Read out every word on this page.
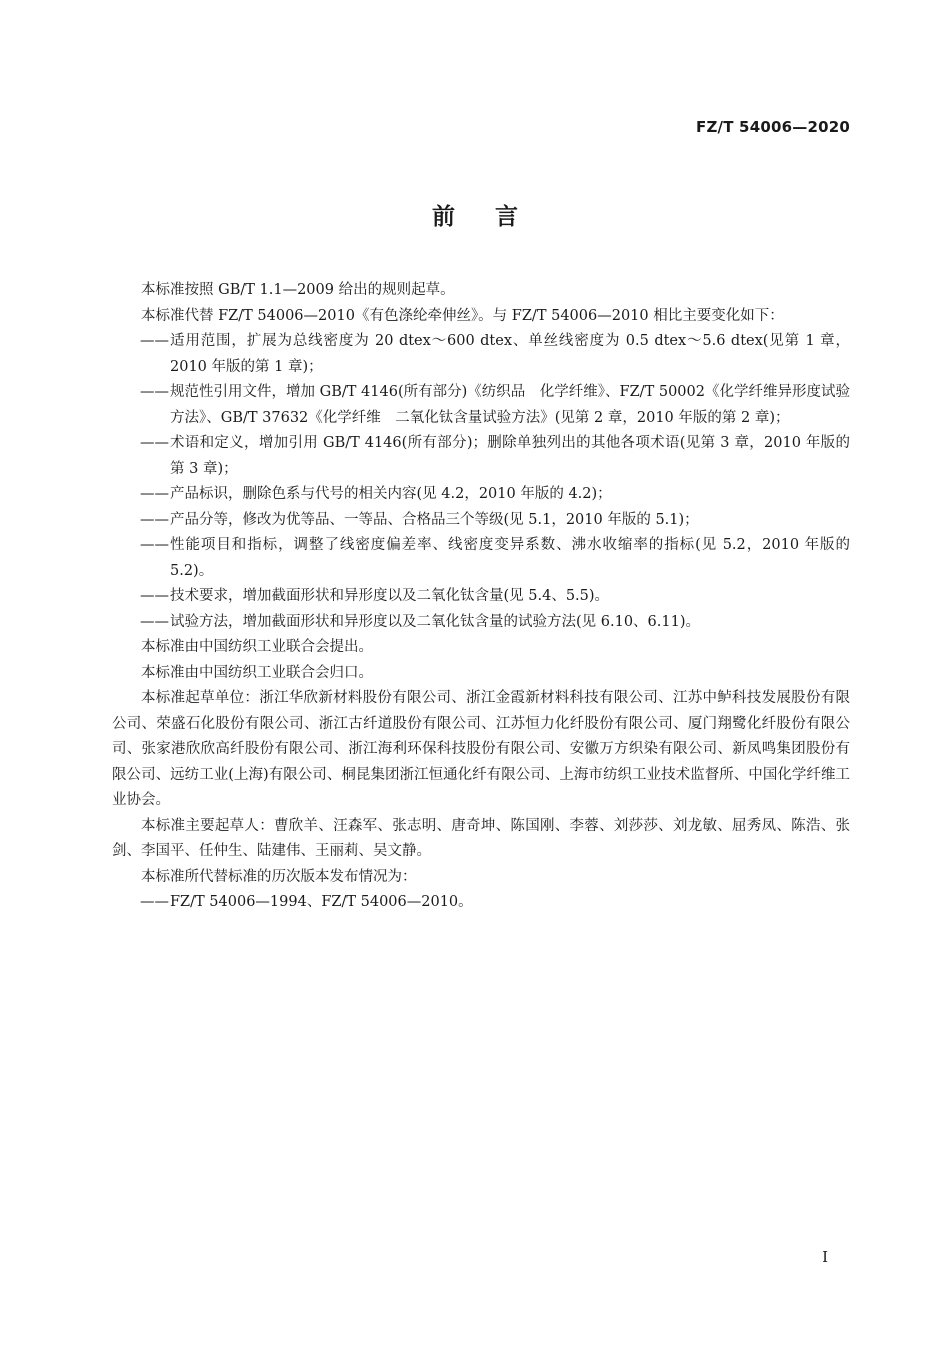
FZ/T 54006—2020
前言

本标准按照 GB/T 1.1—2009 给出的规则起草。

本标准代替 FZ/T 54006—2010《有色涤纶牵伸丝》。与 FZ/T 54006—2010 相比主要变化如下：

—— 适用范围，扩展为总线密度为 20 dtex～600 dtex、单丝线密度为 0.5 dtex～5.6 dtex(见第 1 章，2010 年版的第 1 章)；

—— 规范性引用文件，增加 GB/T 4146(所有部分)《纺织品　化学纤维》、FZ/T 50002《化学纤维异形度试验方法》、GB/T 37632《化学纤维　二氧化钛含量试验方法》(见第 2 章，2010 年版的第 2 章)；

—— 术语和定义，增加引用 GB/T 4146(所有部分)；删除单独列出的其他各项术语(见第 3 章，2010 年版的第 3 章)；

—— 产品标识，删除色系与代号的相关内容(见 4.2，2010 年版的 4.2)；

—— 产品分等，修改为优等品、一等品、合格品三个等级(见 5.1，2010 年版的 5.1)；

—— 性能项目和指标，调整了线密度偏差率、线密度变异系数、沸水收缩率的指标(见 5.2，2010 年版的 5.2)。

—— 技术要求，增加截面形状和异形度以及二氧化钛含量(见 5.4、5.5)。

—— 试验方法，增加截面形状和异形度以及二氧化钛含量的试验方法(见 6.10、6.11)。

本标准由中国纺织工业联合会提出。

本标准由中国纺织工业联合会归口。

本标准起草单位：浙江华欣新材料股份有限公司、浙江金霞新材料科技有限公司、江苏中鲈科技发展股份有限公司、荣盛石化股份有限公司、浙江古纤道股份有限公司、江苏恒力化纤股份有限公司、厦门翔鹭化纤股份有限公司、张家港欣欣高纤股份有限公司、浙江海利环保科技股份有限公司、安徽万方织染有限公司、新凤鸣集团股份有限公司、远纺工业(上海)有限公司、桐昆集团浙江恒通化纤有限公司、上海市纺织工业技术监督所、中国化学纤维工业协会。

本标准主要起草人：曹欣羊、汪森军、张志明、唐奇坤、陈国刚、李蓉、刘莎莎、刘龙敏、屈秀凤、陈浩、张剑、李国平、任仲生、陆建伟、王丽莉、吴文静。

本标准所代替标准的历次版本发布情况为：

—— FZ/T 54006—1994、FZ/T 54006—2010。

I
